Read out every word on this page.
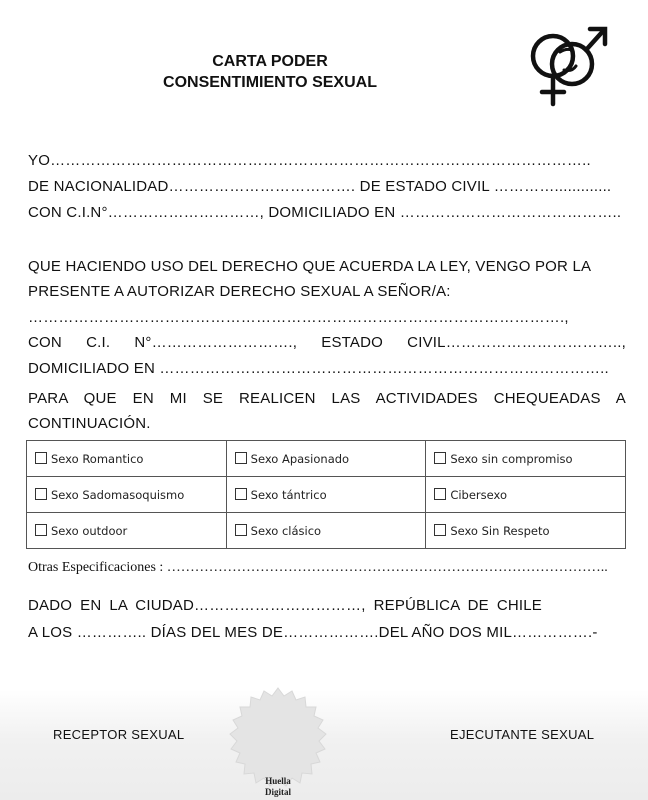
CARTA PODER
CONSENTIMIENTO SEXUAL
YO……………………………………………………………………………………………..
DE NACIONALIDAD………………………………. DE ESTADO CIVIL ………….............
CON C.I.N°…………………………, DOMICILIADO EN ……………………………………..
QUE HACIENDO USO DEL DERECHO QUE ACUERDA LA LEY, VENGO POR LA
PRESENTE A AUTORIZAR DERECHO SEXUAL A SEÑOR/A:
…………………………………………………………………………………………….,
CON C.I. N°………………………., ESTADO CIVIL……………………………..,
DOMICILIADO EN ……………………………………………………………………………..
PARA QUE EN MI SE REALICEN LAS ACTIVIDADES CHEQUEADAS A
CONTINUACIÓN.
Sexo Romantico	Sexo Apasionado	Sexo sin compromiso
Sexo Sadomasoquismo	Sexo tántrico	Cibersexo
Sexo outdoor	Sexo clásico	Sexo Sin Respeto
Otras Especificaciones : …………………………………………………………………………………..
DADO EN LA CIUDAD……………………………, REPÚBLICA DE CHILE
A LOS ………….. DÍAS DEL MES DE……………….DEL AÑO DOS MIL…………….-
Huella
Digital
RECEPTOR SEXUAL	EJECUTANTE SEXUAL
